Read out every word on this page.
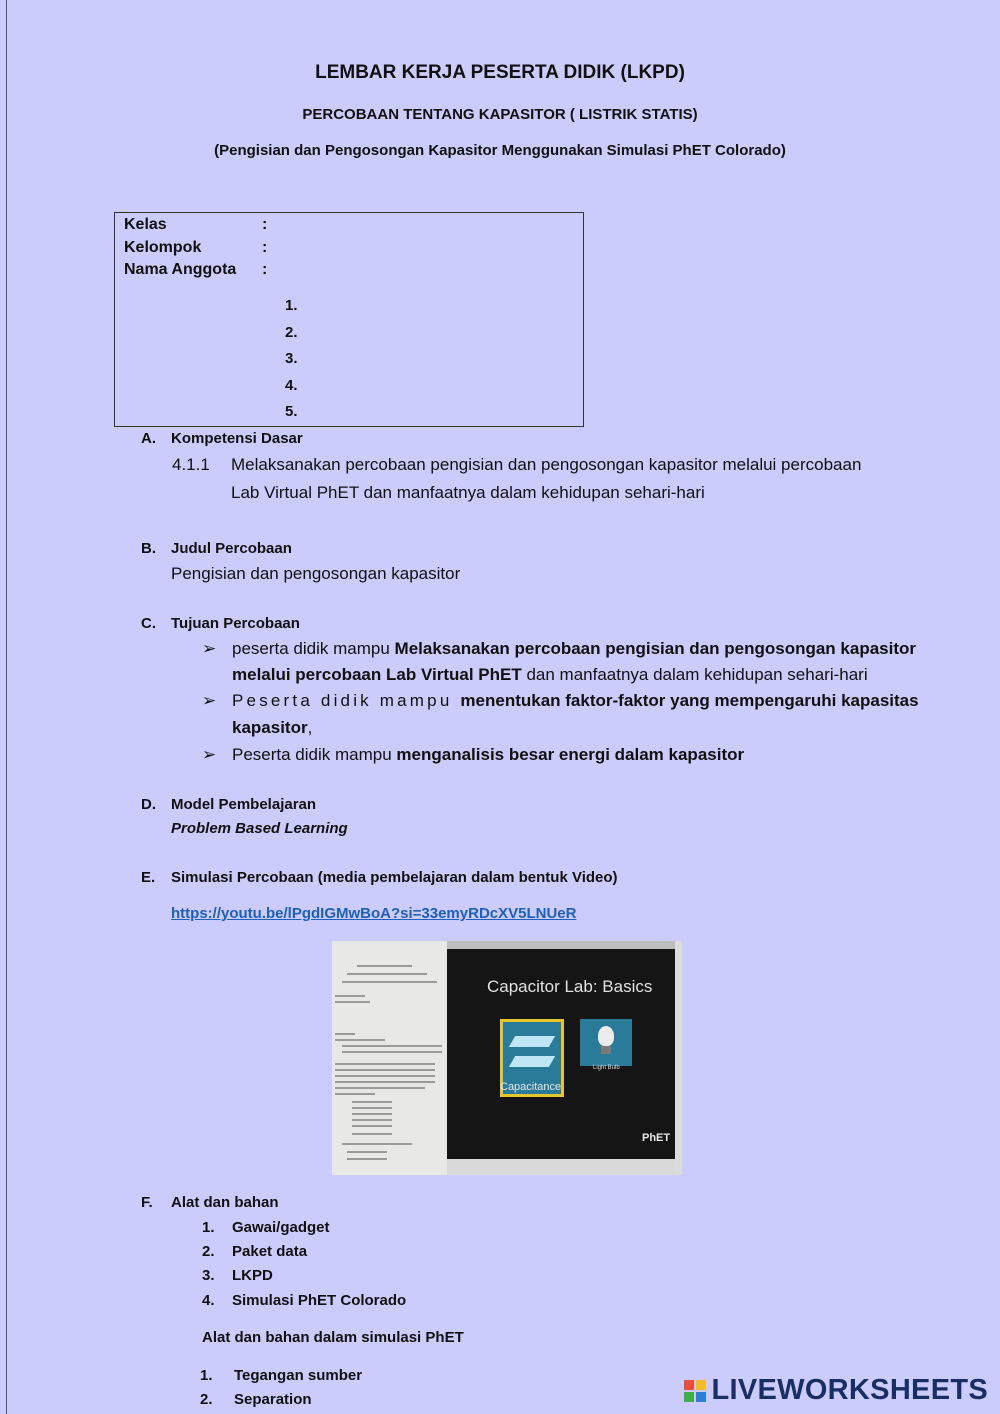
LEMBAR KERJA PESERTA DIDIK (LKPD)
PERCOBAAN TENTANG KAPASITOR ( LISTRIK STATIS)
(Pengisian dan Pengosongan Kapasitor Menggunakan Simulasi PhET Colorado)
Kelas	:
Kelompok	:
Nama Anggota :
1.
2.
3.
4.
5.
A. Kompetensi Dasar
4.1.1 Melaksanakan percobaan pengisian dan pengosongan kapasitor melalui percobaan
Lab Virtual PhET dan manfaatnya dalam kehidupan sehari-hari
B. Judul Percobaan
Pengisian dan pengosongan kapasitor
C. Tujuan Percobaan
➢ peserta didik mampu Melaksanakan percobaan pengisian dan pengosongan kapasitor
melalui percobaan Lab Virtual PhET dan manfaatnya dalam kehidupan sehari-hari
➢ Peserta didik mampu menentukan faktor-faktor yang mempengaruhi kapasitas
kapasitor,
➢ Peserta didik mampu menganalisis besar energi dalam kapasitor
D. Model Pembelajaran
Problem Based Learning
E. Simulasi Percobaan (media pembelajaran dalam bentuk Video)
https://youtu.be/lPgdIGMwBoA?si=33emyRDcXV5LNUeR
Capacitor Lab: Basics
Capacitance
Light Bulb
PhET
F. Alat dan bahan
1. Gawai/gadget
2. Paket data
3. LKPD
4. Simulasi PhET Colorado
Alat dan bahan dalam simulasi PhET
1. Tegangan sumber
2. Separation	LIVEWORKSHEETS
